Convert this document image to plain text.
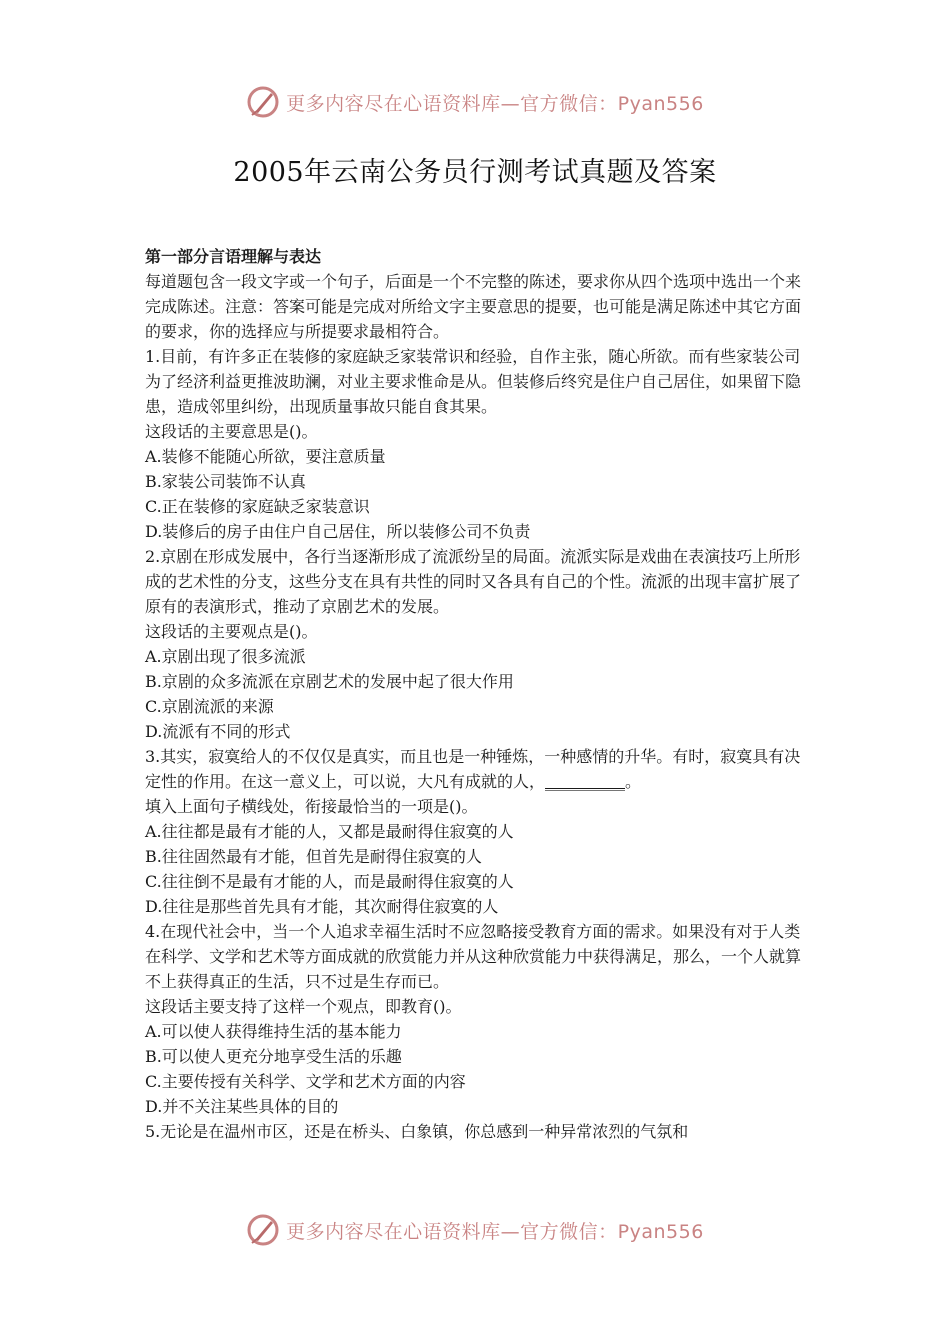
更多内容尽在心语资料库—官方微信：Pyan556
2005年云南公务员行测考试真题及答案

第一部分言语理解与表达

每道题包含一段文字或一个句子，后面是一个不完整的陈述，要求你从四个选项中选出一个来完成陈述。注意：答案可能是完成对所给文字主要意思的提要，也可能是满足陈述中其它方面的要求，你的选择应与所提要求最相符合。

1.目前，有许多正在装修的家庭缺乏家装常识和经验，自作主张，随心所欲。而有些家装公司为了经济利益更推波助澜，对业主要求惟命是从。但装修后终究是住户自己居住，如果留下隐患，造成邻里纠纷，出现质量事故只能自食其果。

这段话的主要意思是()。

A.装修不能随心所欲，要注意质量

B.家装公司装饰不认真

C.正在装修的家庭缺乏家装意识

D.装修后的房子由住户自己居住，所以装修公司不负责

2.京剧在形成发展中，各行当逐渐形成了流派纷呈的局面。流派实际是戏曲在表演技巧上所形成的艺术性的分支，这些分支在具有共性的同时又各具有自己的个性。流派的出现丰富扩展了原有的表演形式，推动了京剧艺术的发展。

这段话的主要观点是()。

A.京剧出现了很多流派

B.京剧的众多流派在京剧艺术的发展中起了很大作用

C.京剧流派的来源

D.流派有不同的形式

3.其实，寂寞给人的不仅仅是真实，而且也是一种锤炼，一种感情的升华。有时，寂寞具有决定性的作用。在这一意义上，可以说，大凡有成就的人，__________。

填入上面句子横线处，衔接最恰当的一项是()。

A.往往都是最有才能的人，又都是最耐得住寂寞的人

B.往往固然最有才能，但首先是耐得住寂寞的人

C.往往倒不是最有才能的人，而是最耐得住寂寞的人

D.往往是那些首先具有才能，其次耐得住寂寞的人

4.在现代社会中，当一个人追求幸福生活时不应忽略接受教育方面的需求。如果没有对于人类在科学、文学和艺术等方面成就的欣赏能力并从这种欣赏能力中获得满足，那么，一个人就算不上获得真正的生活，只不过是生存而已。

这段话主要支持了这样一个观点，即教育()。

A.可以使人获得维持生活的基本能力

B.可以使人更充分地享受生活的乐趣

C.主要传授有关科学、文学和艺术方面的内容

D.并不关注某些具体的目的

5.无论是在温州市区，还是在桥头、白象镇，你总感到一种异常浓烈的气氛和

更多内容尽在心语资料库—官方微信：Pyan556
